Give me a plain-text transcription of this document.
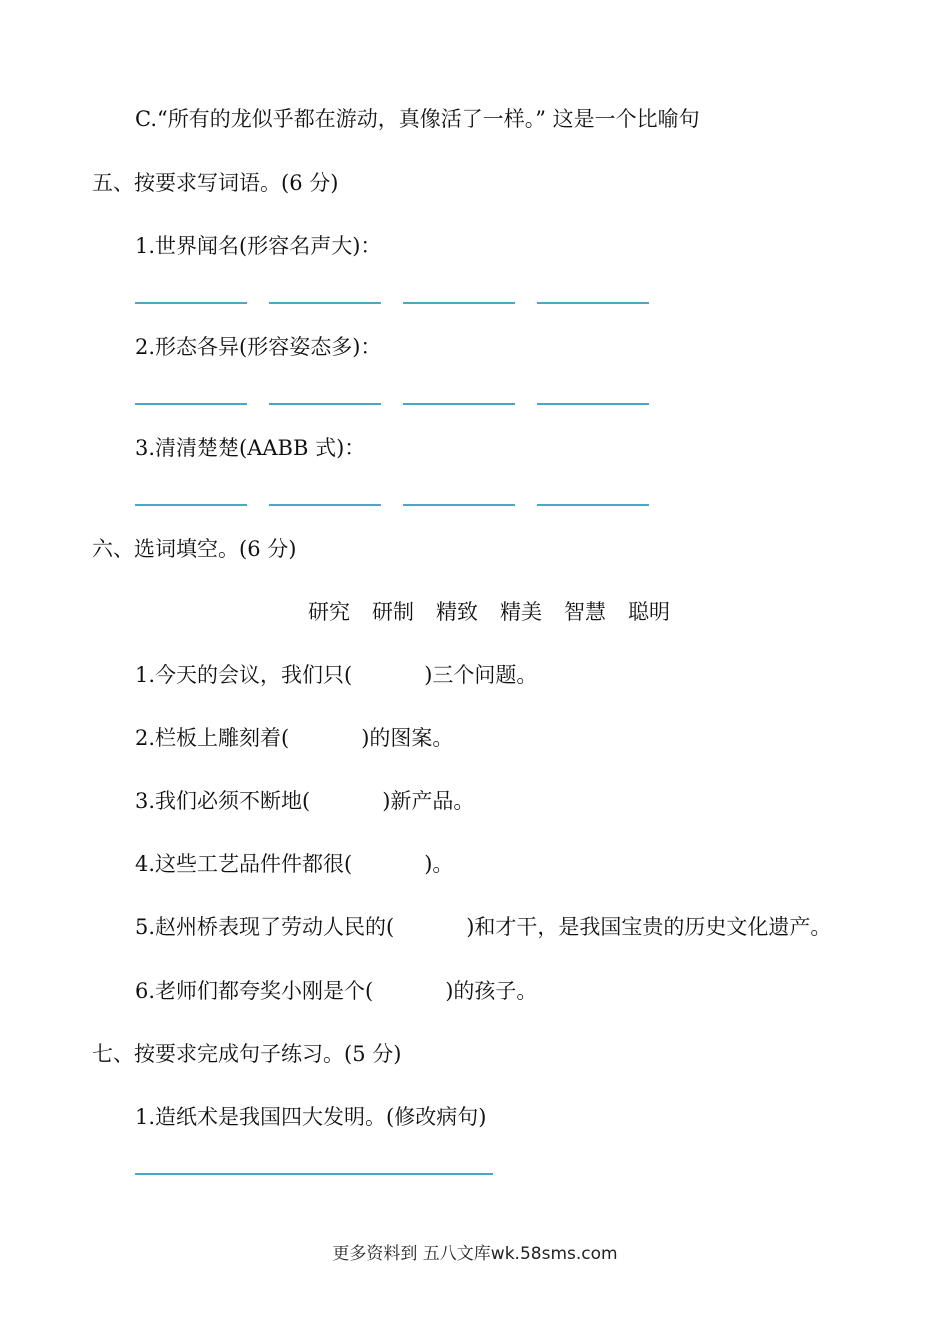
C.“所有的龙似乎都在游动，真像活了一样。” 这是一个比喻句
五、按要求写词语。(6 分)
1.世界闻名(形容名声大)：
2.形态各异(形容姿态多)：
3.清清楚楚(AABB 式)：
六、选词填空。(6 分)
研究 研制 精致 精美 智慧 聪明
1.今天的会议，我们只(	)三个问题。
2.栏板上雕刻着(	)的图案。
3.我们必须不断地(	)新产品。
4.这些工艺品件件都很(	)。
5.赵州桥表现了劳动人民的(	)和才干，是我国宝贵的历史文化遗产。
6.老师们都夸奖小刚是个(	)的孩子。
七、按要求完成句子练习。(5 分)
1.造纸术是我国四大发明。(修改病句)
更多资料到 五八文库wk.58sms.com
